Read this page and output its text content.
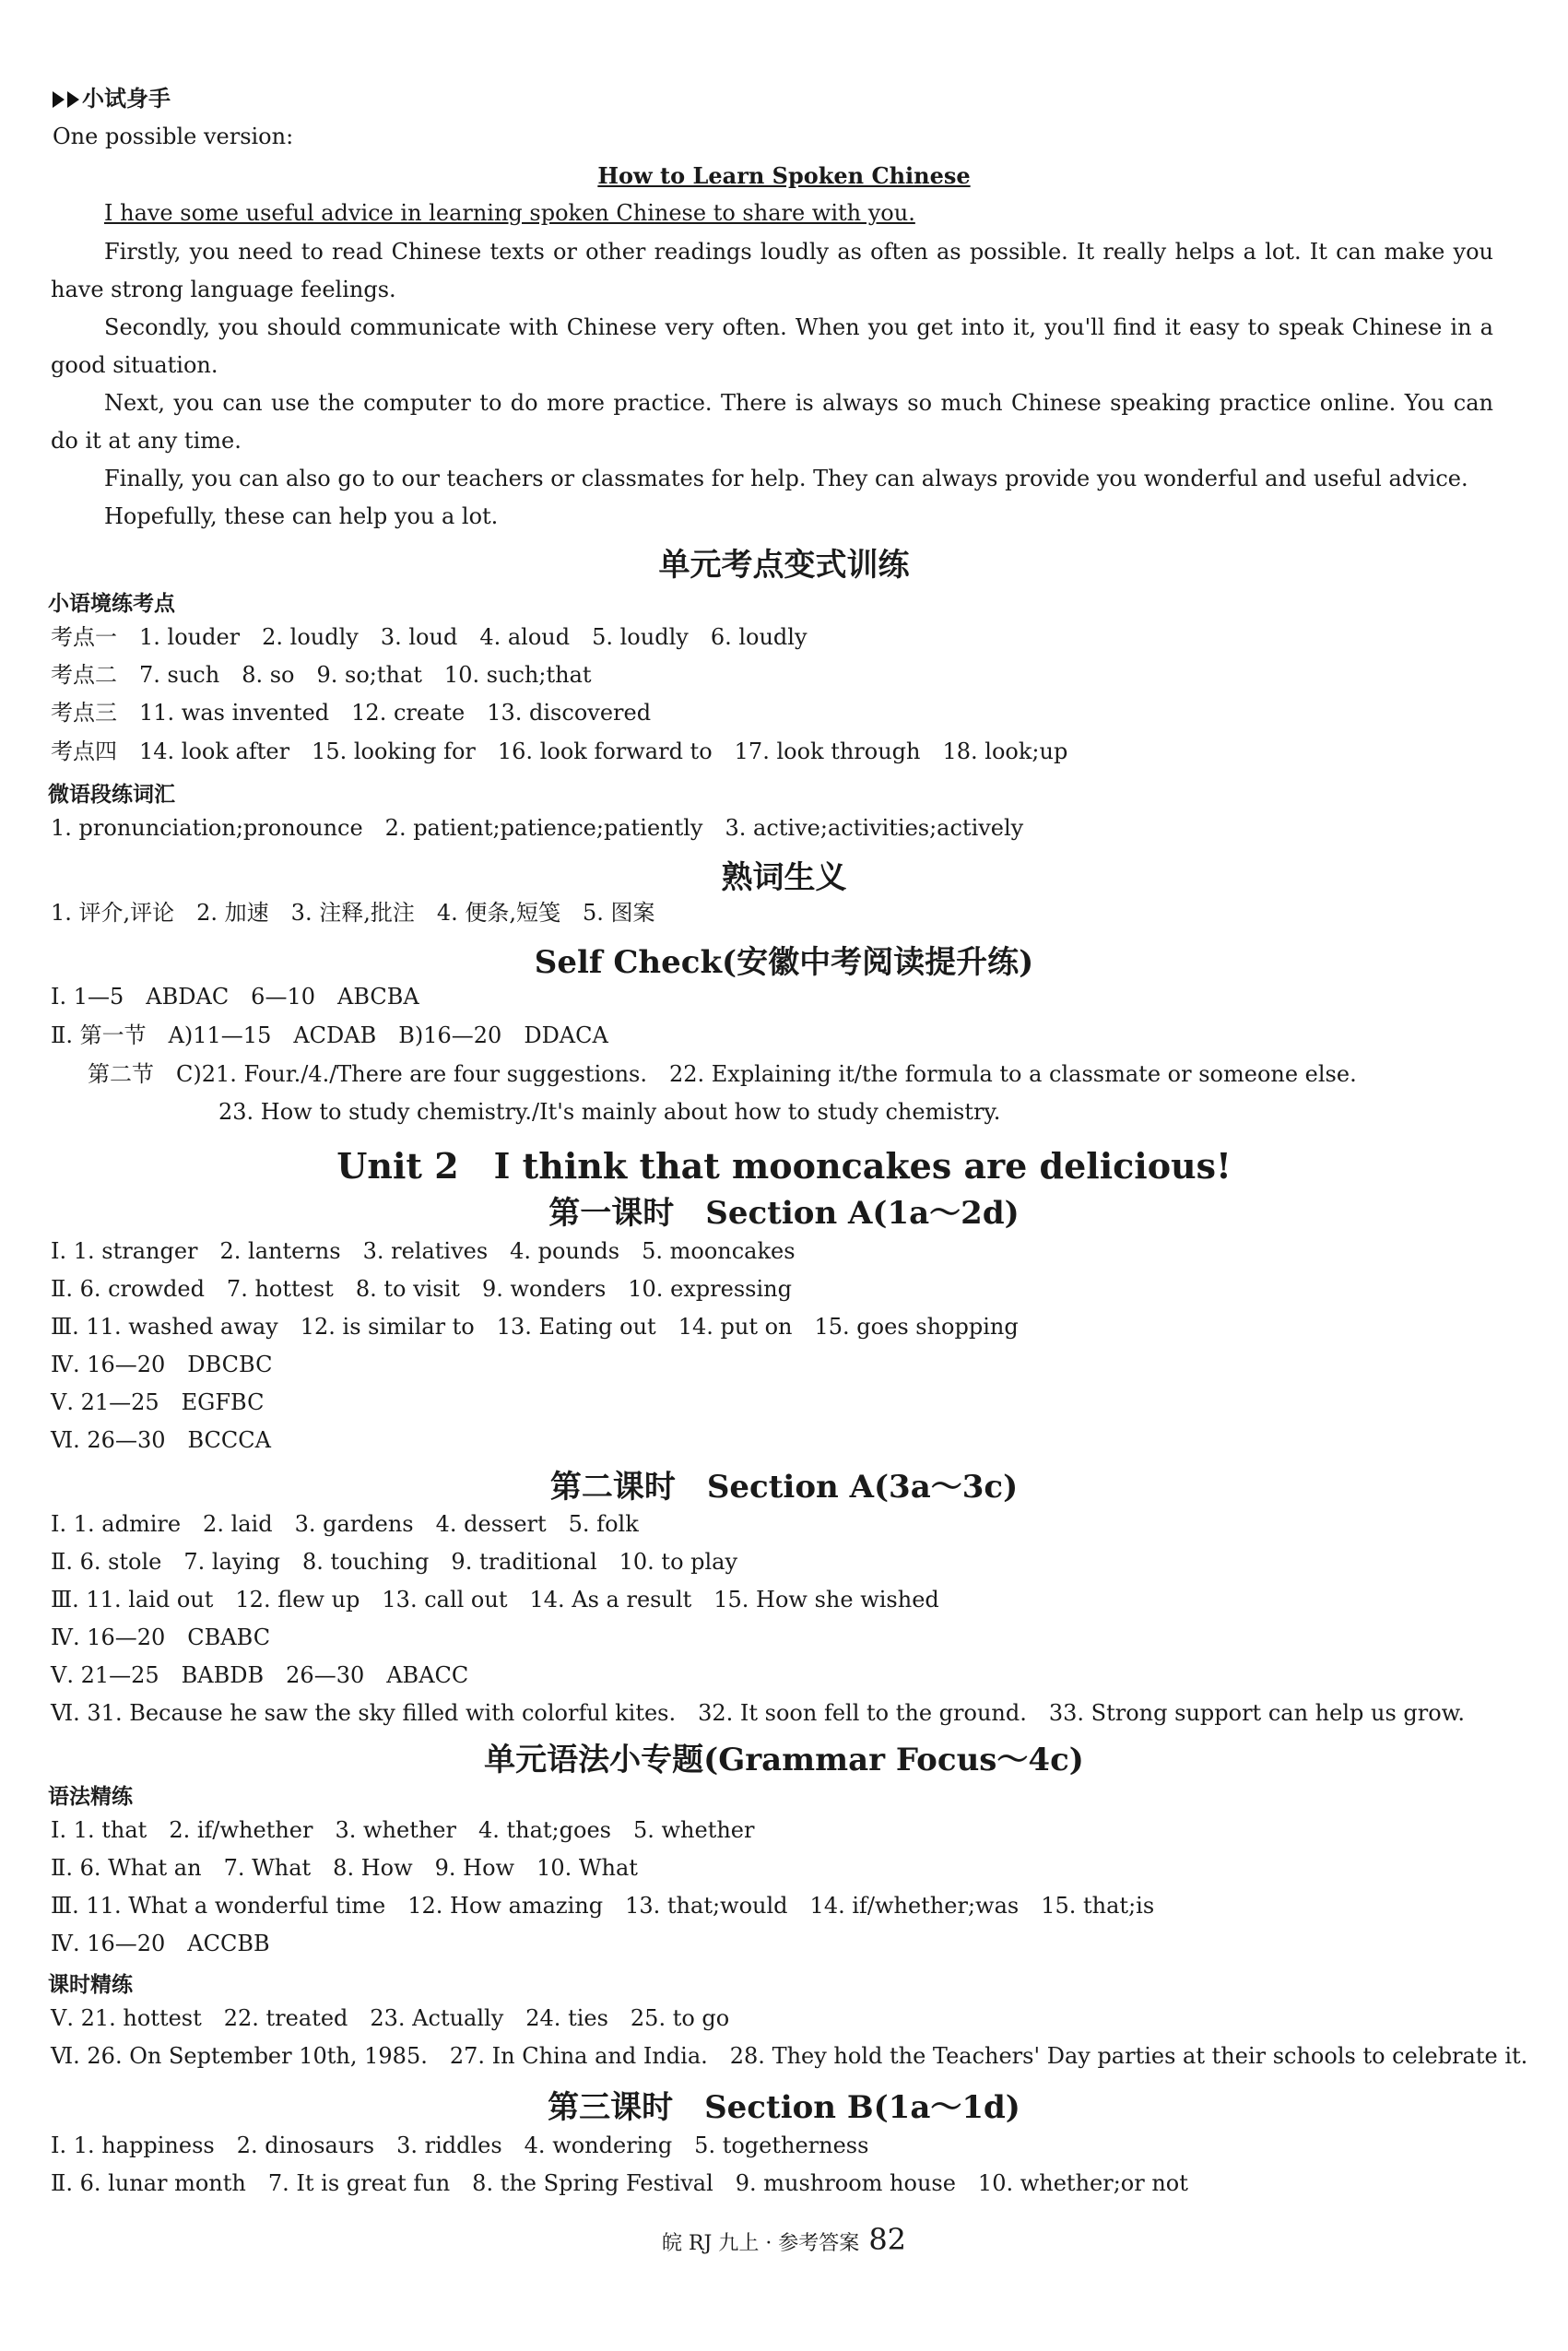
小试身手
One possible version:
How to Learn Spoken Chinese
I have some useful advice in learning spoken Chinese to share with you.
Firstly, you need to read Chinese texts or other readings loudly as often as possible. It really helps a lot. It can make you have strong language feelings.
Secondly, you should communicate with Chinese very often. When you get into it, you'll find it easy to speak Chinese in a good situation.
Next, you can use the computer to do more practice. There is always so much Chinese speaking practice online. You can do it at any time.
Finally, you can also go to our teachers or classmates for help. They can always provide you wonderful and useful advice.
Hopefully, these can help you a lot.
单元考点变式训练
小语境练考点
考点一　1. louder　2. loudly　3. loud　4. aloud　5. loudly　6. loudly
考点二　7. such　8. so　9. so;that　10. such;that
考点三　11. was invented　12. create　13. discovered
考点四　14. look after　15. looking for　16. look forward to　17. look through　18. look;up
微语段练词汇
1. pronunciation;pronounce　2. patient;patience;patiently　3. active;activities;actively
熟词生义
1. 评介,评论　2. 加速　3. 注释,批注　4. 便条,短笺　5. 图案
Self Check(安徽中考阅读提升练)
Ⅰ. 1—5　ABDAC　6—10　ABCBA
Ⅱ. 第一节　A)11—15　ACDAB　B)16—20　DDACA
第二节　C)21. Four./4./There are four suggestions.　22. Explaining it/the formula to a classmate or someone else.
23. How to study chemistry./It's mainly about how to study chemistry.
Unit 2　I think that mooncakes are delicious!
第一课时　Section A(1a～2d)
Ⅰ. 1. stranger　2. lanterns　3. relatives　4. pounds　5. mooncakes
Ⅱ. 6. crowded　7. hottest　8. to visit　9. wonders　10. expressing
Ⅲ. 11. washed away　12. is similar to　13. Eating out　14. put on　15. goes shopping
Ⅳ. 16—20　DBCBC
Ⅴ. 21—25　EGFBC
Ⅵ. 26—30　BCCCA
第二课时　Section A(3a～3c)
Ⅰ. 1. admire　2. laid　3. gardens　4. dessert　5. folk
Ⅱ. 6. stole　7. laying　8. touching　9. traditional　10. to play
Ⅲ. 11. laid out　12. flew up　13. call out　14. As a result　15. How she wished
Ⅳ. 16—20　CBABC
Ⅴ. 21—25　BABDB　26—30　ABACC
Ⅵ. 31. Because he saw the sky filled with colorful kites.　32. It soon fell to the ground.　33. Strong support can help us grow.
单元语法小专题(Grammar Focus～4c)
语法精练
Ⅰ. 1. that　2. if/whether　3. whether　4. that;goes　5. whether
Ⅱ. 6. What an　7. What　8. How　9. How　10. What
Ⅲ. 11. What a wonderful time　12. How amazing　13. that;would　14. if/whether;was　15. that;is
Ⅳ. 16—20　ACCBB
课时精练
Ⅴ. 21. hottest　22. treated　23. Actually　24. ties　25. to go
Ⅵ. 26. On September 10th, 1985.　27. In China and India.　28. They hold the Teachers' Day parties at their schools to celebrate it.
第三课时　Section B(1a～1d)
Ⅰ. 1. happiness　2. dinosaurs　3. riddles　4. wondering　5. togetherness
Ⅱ. 6. lunar month　7. It is great fun　8. the Spring Festival　9. mushroom house　10. whether;or not
皖 RJ 九上 · 参考答案 82
